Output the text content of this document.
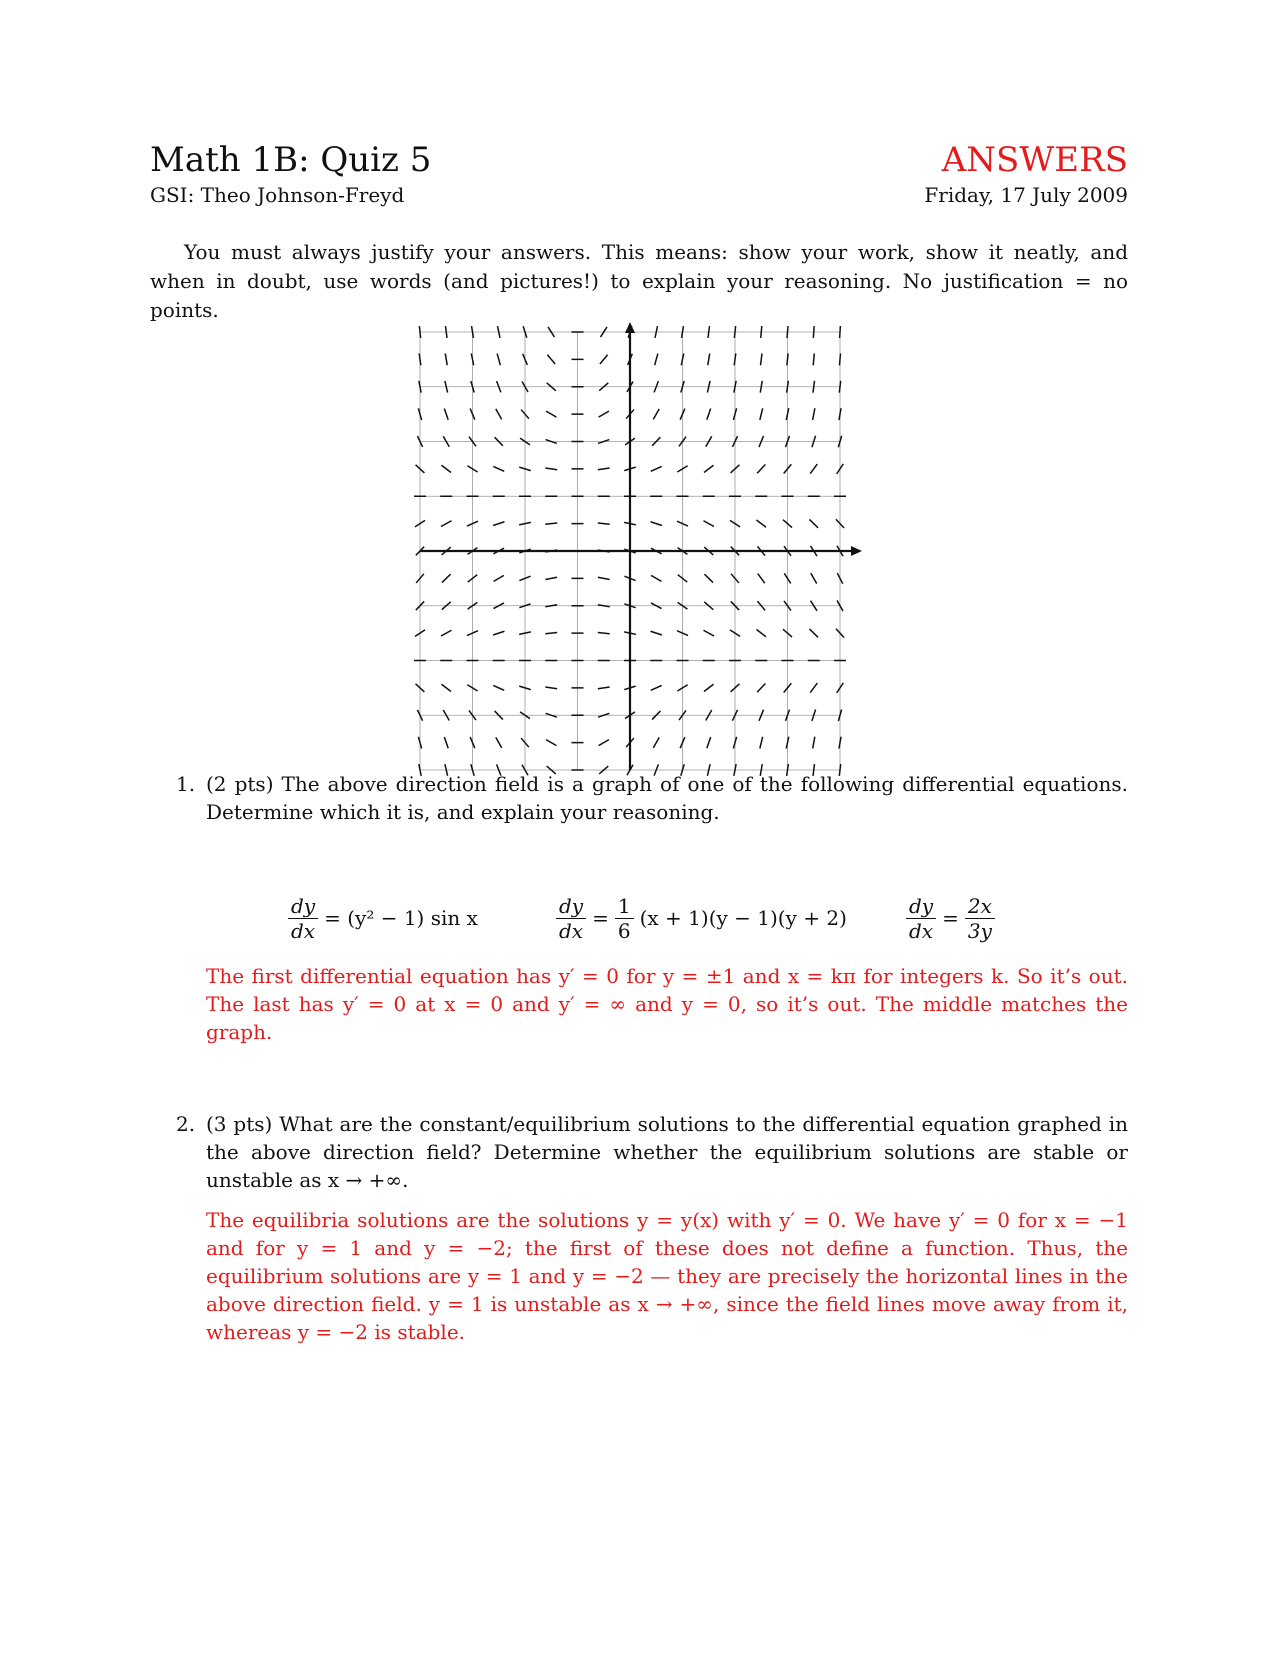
Math 1B: Quiz 5
GSI: Theo Johnson-Freyd
ANSWERS
Friday, 17 July 2009
You must always justify your answers. This means: show your work, show it neatly, and when in doubt, use words (and pictures!) to explain your reasoning. No justification = no points.
1. (2 pts) The above direction field is a graph of one of the following differential equations. Determine which it is, and explain your reasoning.
$\frac{dy}{dx} = (y^2 - 1)$ sin x	$\frac{dy}{dx} = \frac{1}{6} (x + 1)(y - 1)(y + 2)$	$\frac{dy}{dx} = \frac{2x}{3y}$
The first differential equation has y′ = 0 for y = ±1 and x = kπ for integers k. So it’s out. The last has y′ = 0 at x = 0 and y′ = ∞ and y = 0, so it’s out. The middle matches the graph.
2. (3 pts) What are the constant/equilibrium solutions to the differential equation graphed in the above direction field? Determine whether the equilibrium solutions are stable or unstable as x → +∞.
The equilibria solutions are the solutions y = y(x) with y′ = 0. We have y′ = 0 for x = −1 and for y = 1 and y = −2; the first of these does not define a function. Thus, the equilibrium solutions are y = 1 and y = −2 — they are precisely the horizontal lines in the above direction field. y = 1 is unstable as x → +∞, since the field lines move away from it, whereas y = −2 is stable.
